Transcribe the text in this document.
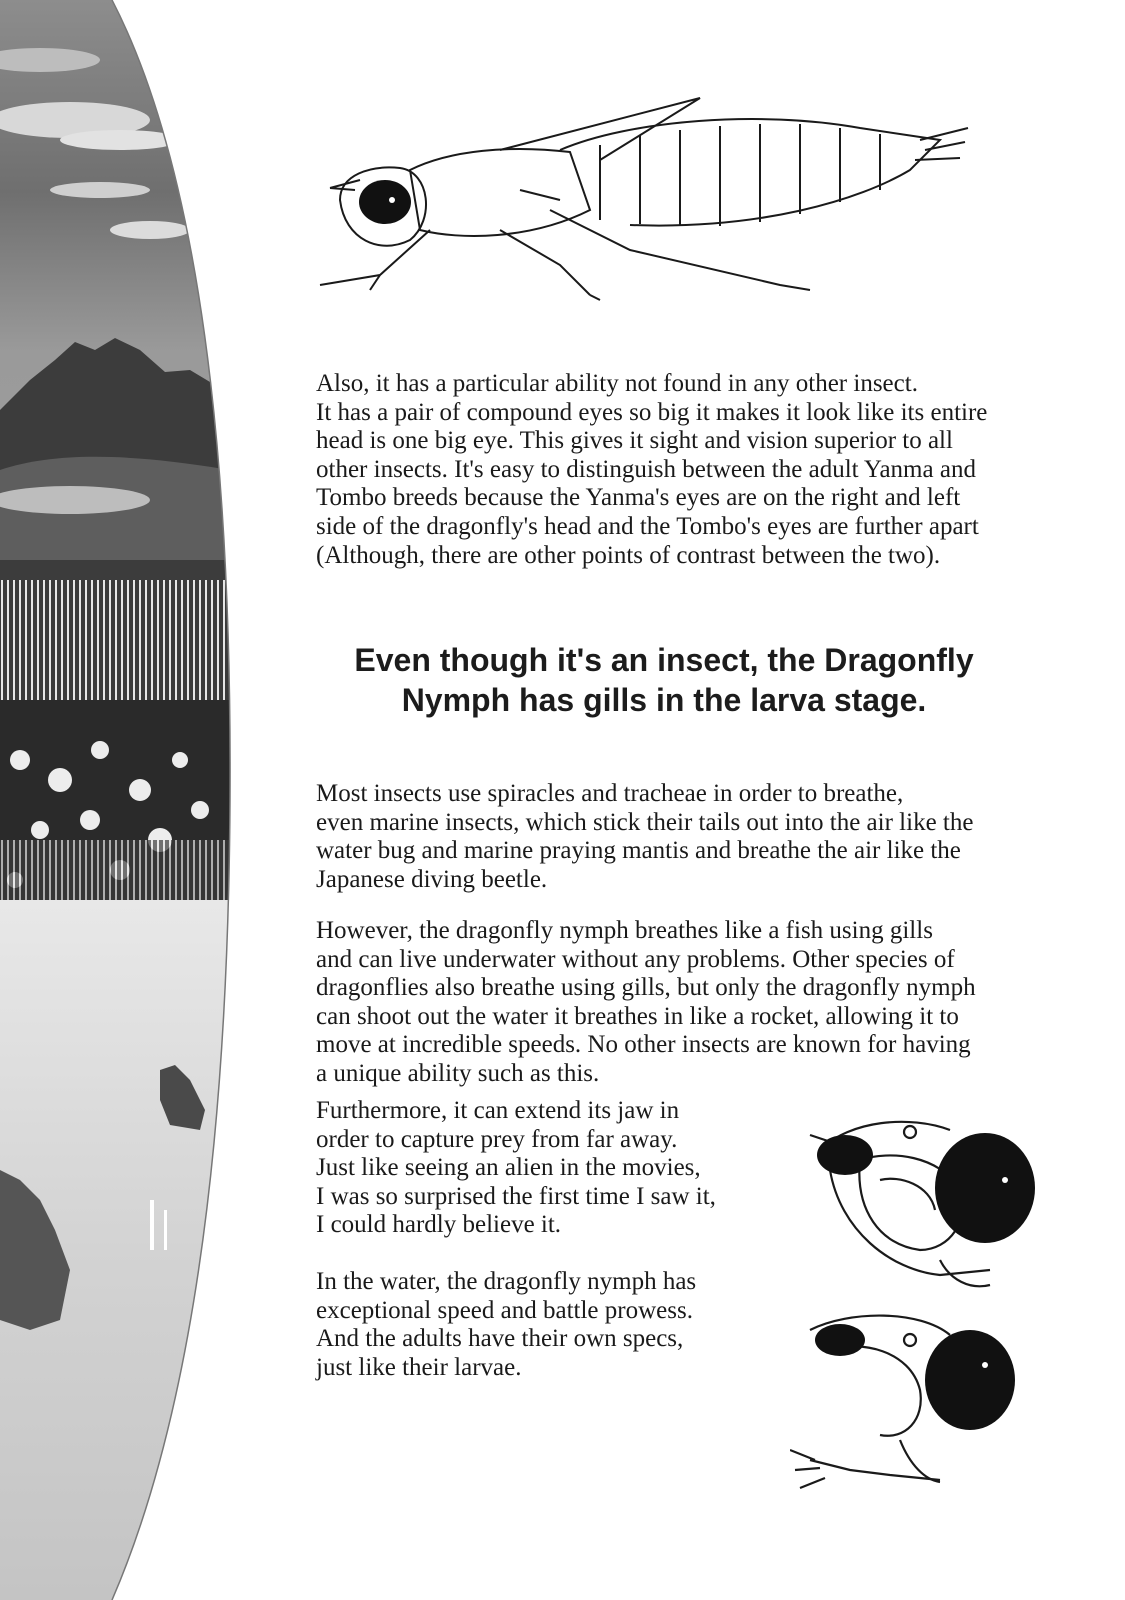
Also, it has a particular ability not found in any other insect.
It has a pair of compound eyes so big it makes it look like its entire
head is one big eye. This gives it sight and vision superior to all
other insects. It's easy to distinguish between the adult Yanma and
Tombo breeds because the Yanma's eyes are on the right and left
side of the dragonfly's head and the Tombo's eyes are further apart
(Although, there are other points of contrast between the two).

Even though it's an insect, the Dragonfly
Nymph has gills in the larva stage.

Most insects use spiracles and tracheae in order to breathe,
even marine insects, which stick their tails out into the air like the
water bug and marine praying mantis and breathe the air like the
Japanese diving beetle.

However, the dragonfly nymph breathes like a fish using gills
and can live underwater without any problems. Other species of
dragonflies also breathe using gills, but only the dragonfly nymph
can shoot out the water it breathes in like a rocket, allowing it to
move at incredible speeds. No other insects are known for having
a unique ability such as this.

Furthermore, it can extend its jaw in
order to capture prey from far away.
Just like seeing an alien in the movies,
I was so surprised the first time I saw it,
I could hardly believe it.

In the water, the dragonfly nymph has
exceptional speed and battle prowess.
And the adults have their own specs,
just like their larvae.
